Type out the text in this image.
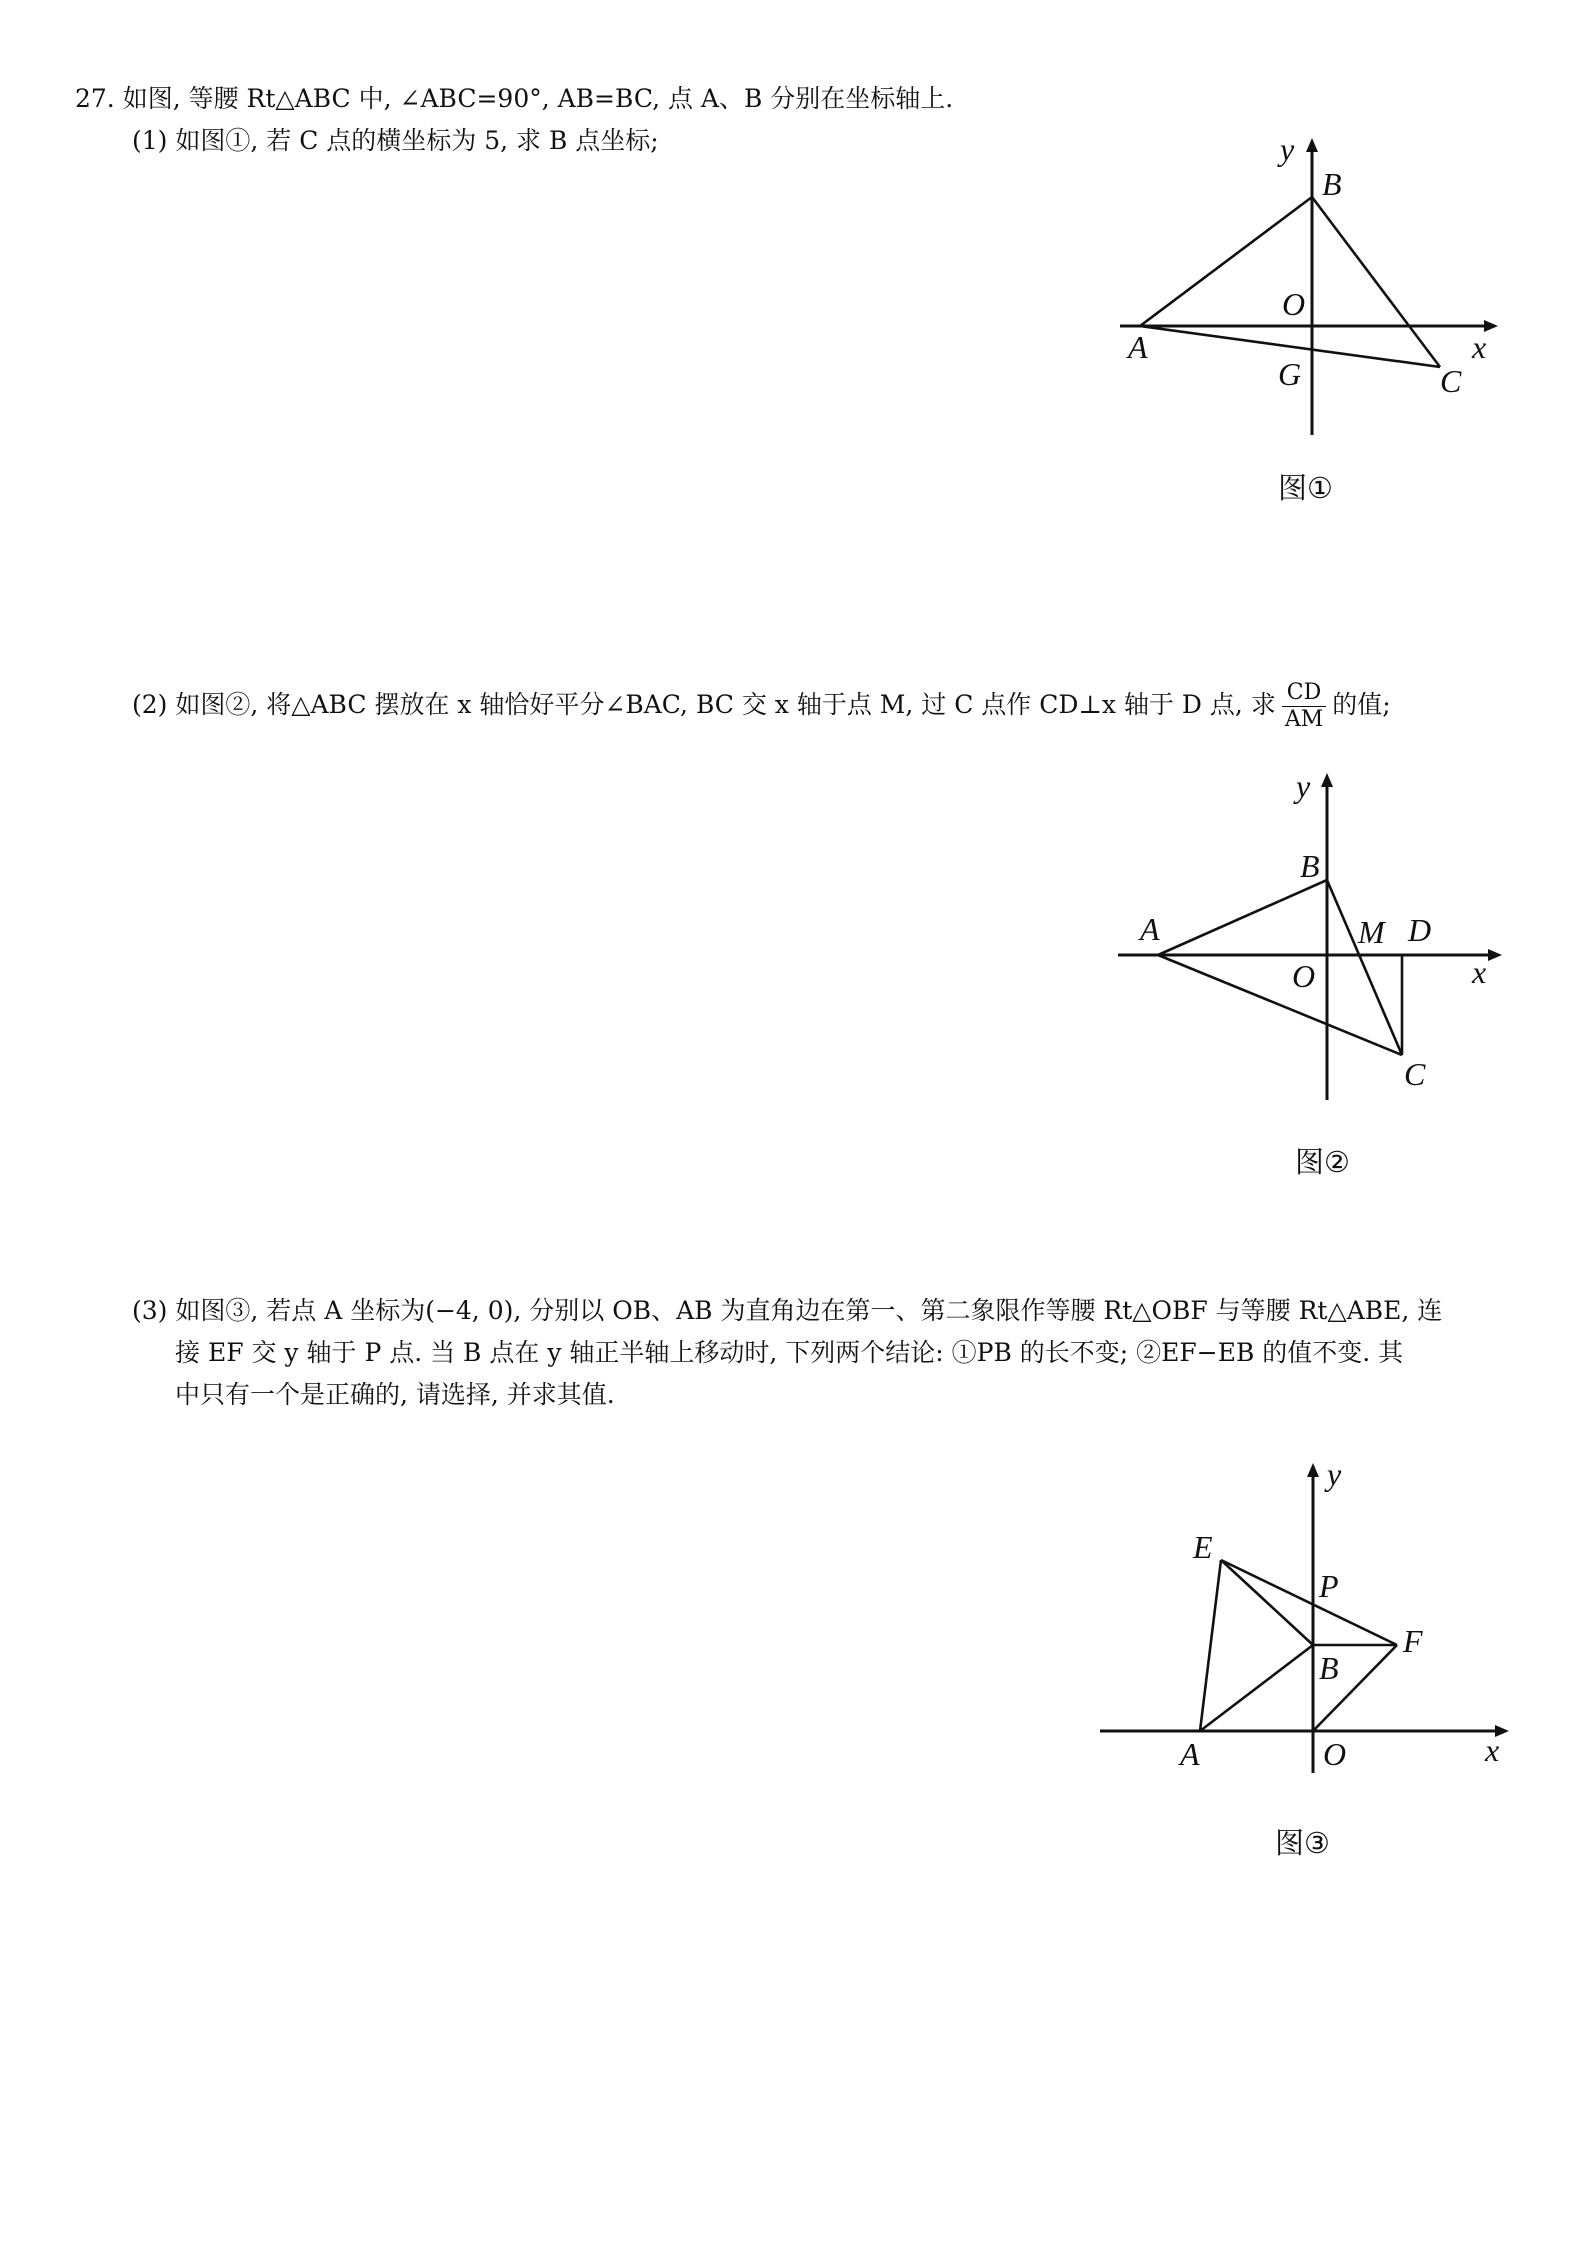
27. 如图, 等腰 Rt△ABC 中, ∠ABC=90°, AB=BC, 点 A、B 分别在坐标轴上.
(1) 如图①, 若 C 点的横坐标为 5, 求 B 点坐标;
(2) 如图②, 将△ABC 摆放在 x 轴恰好平分∠BAC, BC 交 x 轴于点 M, 过 C 点作 CD⊥x 轴于 D 点, 求 $\frac{CD}{AM}$ 的值;
(3) 如图③, 若点 A 坐标为(−4, 0), 分别以 OB、AB 为直角边在第一、第二象限作等腰 Rt△OBF 与等腰 Rt△ABE, 连
接 EF 交 y 轴于 P 点. 当 B 点在 y 轴正半轴上移动时, 下列两个结论: ①PB 的长不变; ②EF−EB 的值不变. 其
中只有一个是正确的, 请选择, 并求其值.
y
B
O
A	x
G	C
图①
y
B
A	M D
O	x
C
图②
y
E
P
F
B
A	O	x
图③
